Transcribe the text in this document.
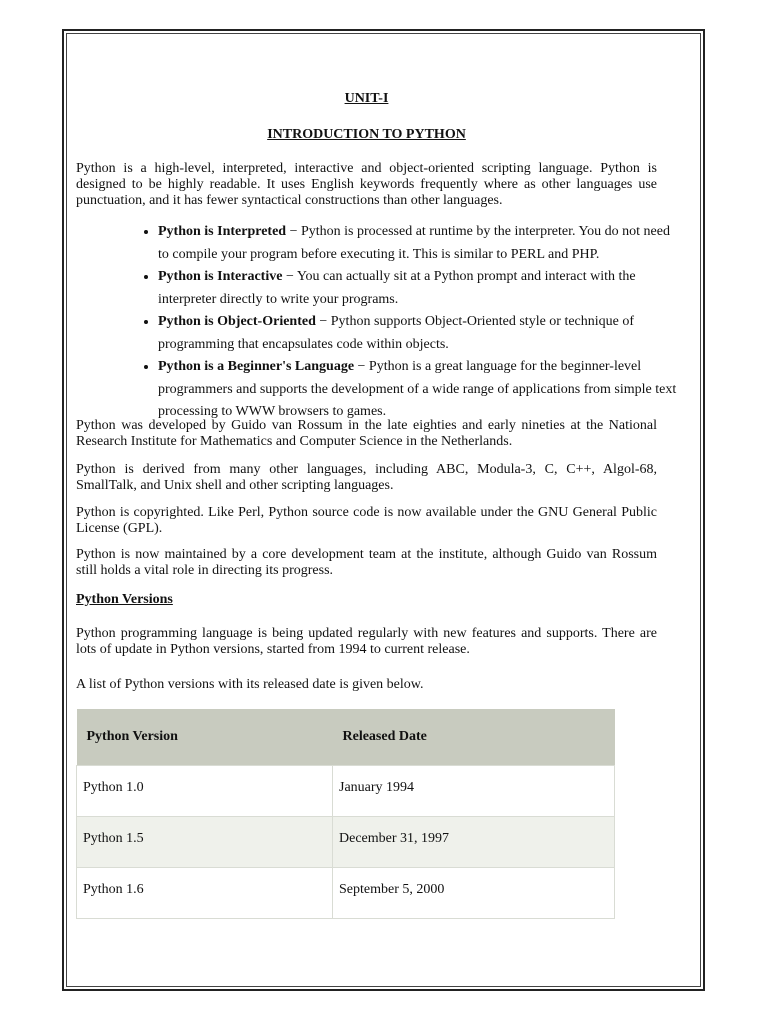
UNIT-I
INTRODUCTION TO PYTHON
Python is a high-level, interpreted, interactive and object-oriented scripting language. Python is designed to be highly readable. It uses English keywords frequently where as other languages use punctuation, and it has fewer syntactical constructions than other languages.
• Python is Interpreted − Python is processed at runtime by the interpreter. You do not need to compile your program before executing it. This is similar to PERL and PHP.
• Python is Interactive − You can actually sit at a Python prompt and interact with the interpreter directly to write your programs.
• Python is Object-Oriented − Python supports Object-Oriented style or technique of programming that encapsulates code within objects.
• Python is a Beginner's Language − Python is a great language for the beginner-level programmers and supports the development of a wide range of applications from simple text processing to WWW browsers to games.
Python was developed by Guido van Rossum in the late eighties and early nineties at the National Research Institute for Mathematics and Computer Science in the Netherlands.
Python is derived from many other languages, including ABC, Modula-3, C, C++, Algol-68, SmallTalk, and Unix shell and other scripting languages.
Python is copyrighted. Like Perl, Python source code is now available under the GNU General Public License (GPL).
Python is now maintained by a core development team at the institute, although Guido van Rossum still holds a vital role in directing its progress.
Python Versions
Python programming language is being updated regularly with new features and supports. There are lots of update in Python versions, started from 1994 to current release.
A list of Python versions with its released date is given below.
Python Version	Released Date
Python 1.0	January 1994
Python 1.5	December 31, 1997
Python 1.6	September 5, 2000
